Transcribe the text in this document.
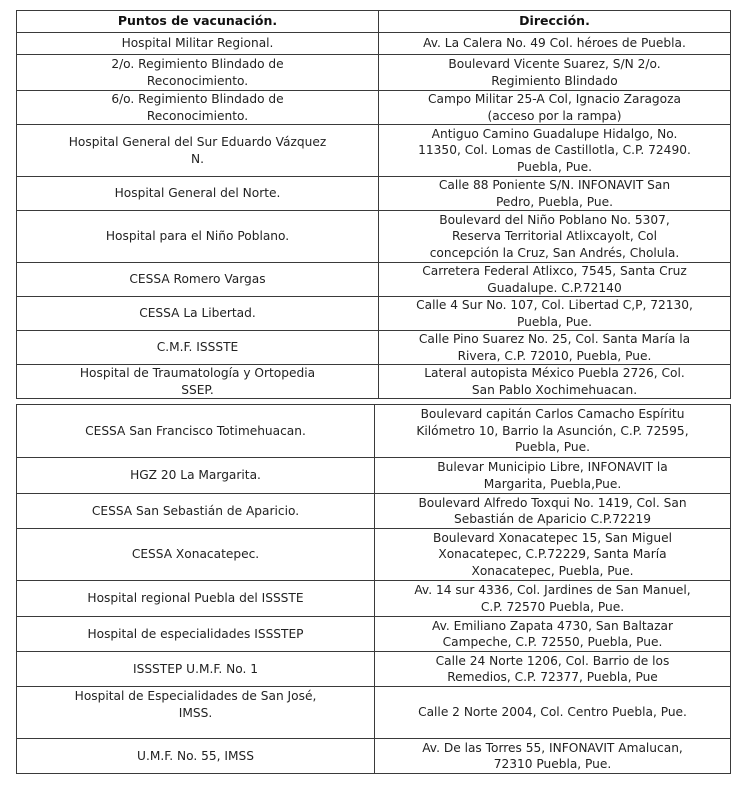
Puntos de vacunación.	Dirección.

Hospital Militar Regional.	Av. La Calera No. 49 Col. héroes de Puebla.

2/o. Regimiento Blindado de
Reconocimiento.	Boulevard Vicente Suarez, S/N 2/o.
Regimiento Blindado

6/o. Regimiento Blindado de
Reconocimiento.	Campo Militar 25-A Col, Ignacio Zaragoza
(acceso por la rampa)

Hospital General del Sur Eduardo Vázquez
N.	Antiguo Camino Guadalupe Hidalgo, No.
11350, Col. Lomas de Castillotla, C.P. 72490.
Puebla, Pue.

Hospital General del Norte.	Calle 88 Poniente S/N. INFONAVIT San
Pedro, Puebla, Pue.

Hospital para el Niño Poblano.	Boulevard del Niño Poblano No. 5307,
Reserva Territorial Atlixcayolt, Col
concepción la Cruz, San Andrés, Cholula.

CESSA Romero Vargas	Carretera Federal Atlixco, 7545, Santa Cruz
Guadalupe. C.P.72140

CESSA La Libertad.	Calle 4 Sur No. 107, Col. Libertad C,P, 72130,
Puebla, Pue.

C.M.F. ISSSTE	Calle Pino Suarez No. 25, Col. Santa María la
Rivera, C.P. 72010, Puebla, Pue.

Hospital de Traumatología y Ortopedia
SSEP.	Lateral autopista México Puebla 2726, Col.
San Pablo Xochimehuacan.
CESSA San Francisco Totimehuacan.	Boulevard capitán Carlos Camacho Espíritu
Kilómetro 10, Barrio la Asunción, C.P. 72595,
Puebla, Pue.

HGZ 20 La Margarita.	Bulevar Municipio Libre, INFONAVIT la
Margarita, Puebla,Pue.

CESSA San Sebastián de Aparicio.	Boulevard Alfredo Toxqui No. 1419, Col. San
Sebastián de Aparicio C.P.72219

CESSA Xonacatepec.	Boulevard Xonacatepec 15, San Miguel
Xonacatepec, C.P.72229, Santa María
Xonacatepec, Puebla, Pue.

Hospital regional Puebla del ISSSTE	Av. 14 sur 4336, Col. Jardines de San Manuel,
C.P. 72570 Puebla, Pue.

Hospital de especialidades ISSSTEP	Av. Emiliano Zapata 4730, San Baltazar
Campeche, C.P. 72550, Puebla, Pue.

ISSSTEP U.M.F. No. 1	Calle 24 Norte 1206, Col. Barrio de los
Remedios, C.P. 72377, Puebla, Pue

Hospital de Especialidades de San José,
IMSS.	Calle 2 Norte 2004, Col. Centro Puebla, Pue.

U.M.F. No. 55, IMSS	Av. De las Torres 55, INFONAVIT Amalucan,
72310 Puebla, Pue.
